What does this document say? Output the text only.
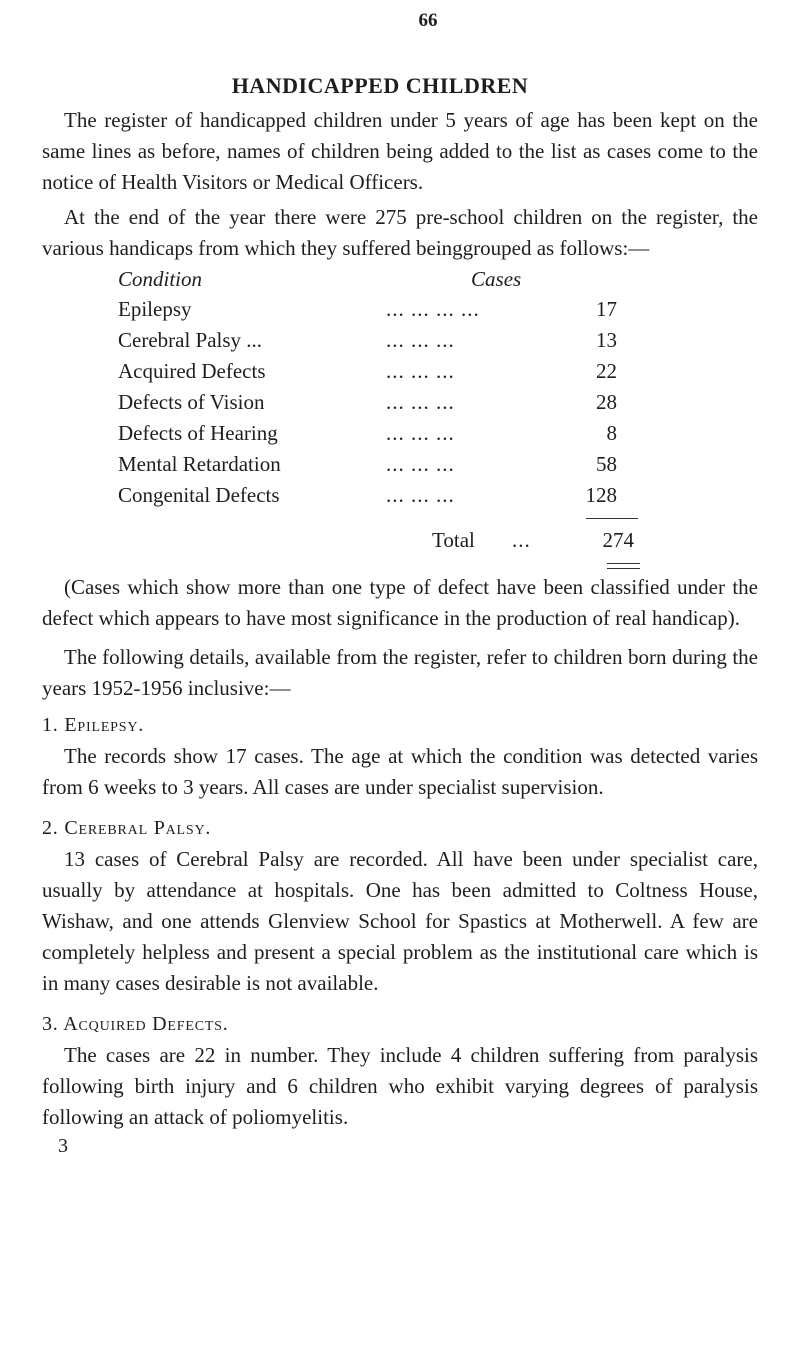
66
HANDICAPPED CHILDREN

The register of handicapped children under 5 years of age has been kept on the same lines as before, names of children being added to the list as cases come to the notice of Health Visitors or Medical Officers.

At the end of the year there were 275 pre-school children on the register, the various handicaps from which they suffered beinggrouped as follows:—

Condition	Cases
Epilepsy	... ... ... ...	17
Cerebral Palsy ...	... ... ...	13
Acquired Defects	... ... ...	22
Defects of Vision	... ... ...	28
Defects of Hearing	... ... ...	8
Mental Retardation	... ... ...	58
Congenital Defects	... ... ...	128
Total	...	274

(Cases which show more than one type of defect have been classified under the defect which appears to have most significance in the production of real handicap).

The following details, available from the register, refer to children born during the years 1952-1956 inclusive:—

1. Epilepsy.

The records show 17 cases. The age at which the condition was detected varies from 6 weeks to 3 years. All cases are under specialist supervision.

2. Cerebral Palsy.

13 cases of Cerebral Palsy are recorded. All have been under specialist care, usually by attendance at hospitals. One has been admitted to Coltness House, Wishaw, and one attends Glenview School for Spastics at Motherwell. A few are completely helpless and present a special problem as the institutional care which is in many cases desirable is not available.

3. Acquired Defects.

The cases are 22 in number. They include 4 children suffering from paralysis following birth injury and 6 children who exhibit varying degrees of paralysis following an attack of poliomyelitis.

3
